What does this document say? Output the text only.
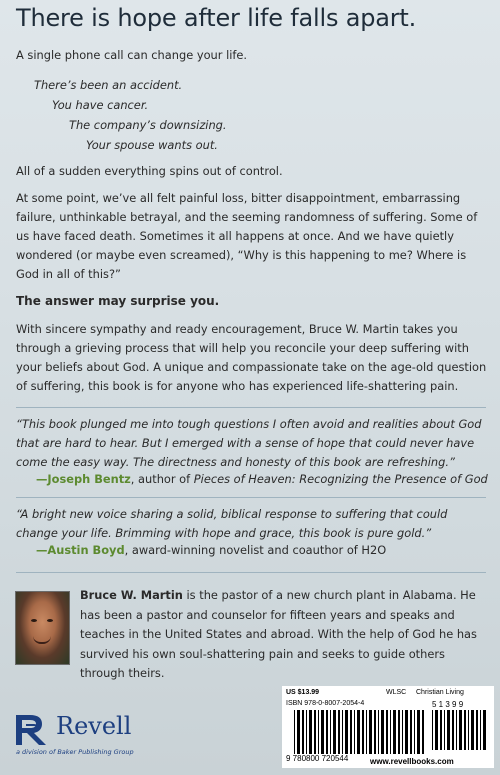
There is hope after life falls apart.
A single phone call can change your life.
There’s been an accident.
You have cancer.
The company’s downsizing.
Your spouse wants out.
All of a sudden everything spins out of control.
At some point, we’ve all felt painful loss, bitter disappointment, embarrassing failure, unthinkable betrayal, and the seeming randomness of suffering. Some of us have faced death. Sometimes it all happens at once. And we have quietly wondered (or maybe even screamed), “Why is this happening to me? Where is God in all of this?”
The answer may surprise you.
With sincere sympathy and ready encouragement, Bruce W. Martin takes you through a grieving process that will help you reconcile your deep suffering with your beliefs about God. A unique and compassionate take on the age-old question of suffering, this book is for anyone who has experienced life-shattering pain.
“This book plunged me into tough questions I often avoid and realities about God that are hard to hear. But I emerged with a sense of hope that could never have come the easy way. The directness and honesty of this book are refreshing.”
—Joseph Bentz, author of Pieces of Heaven: Recognizing the Presence of God
“A bright new voice sharing a solid, biblical response to suffering that could change your life. Brimming with hope and grace, this book is pure gold.”
—Austin Boyd, award-winning novelist and coauthor of H2O
Bruce W. Martin is the pastor of a new church plant in Alabama. He has been a pastor and counselor for fifteen years and speaks and teaches in the United States and abroad. With the help of God he has survived his own soul-shattering pain and seeks to guide others through theirs.
Revell
a division of Baker Publishing Group
US $13.99	WLSC Christian Living
ISBN 978-0-8007-2054-4	5 1 3 9 9
9 780800 720544	www.revellbooks.com
